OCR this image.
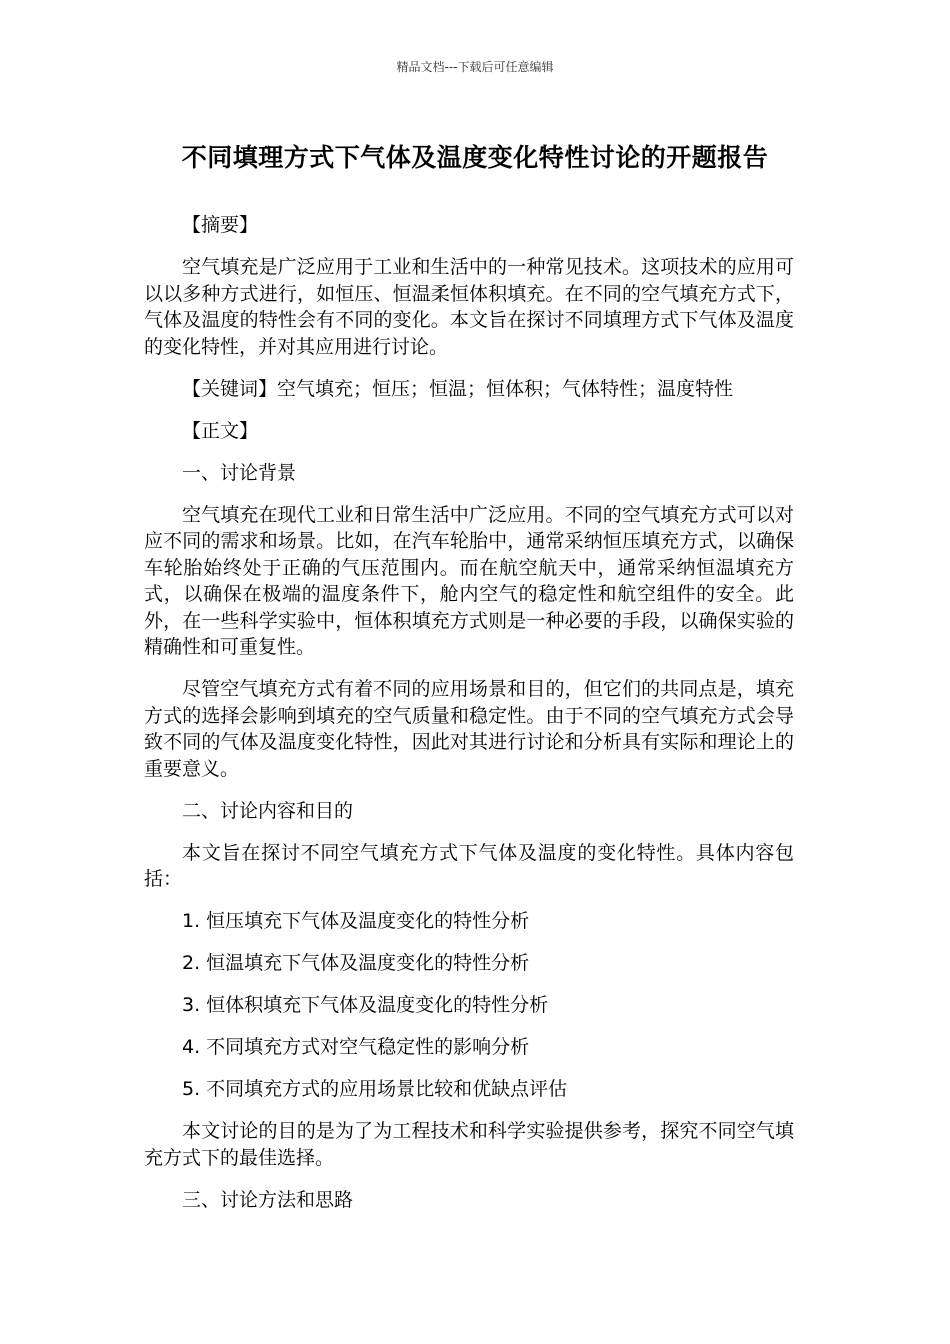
精品文档---下载后可任意编辑
不同填理方式下气体及温度变化特性讨论的开题报告

【摘要】

空气填充是广泛应用于工业和生活中的一种常见技术。这项技术的应用可以以多种方式进行，如恒压、恒温柔恒体积填充。在不同的空气填充方式下，气体及温度的特性会有不同的变化。本文旨在探讨不同填理方式下气体及温度的变化特性，并对其应用进行讨论。

【关键词】空气填充；恒压；恒温；恒体积；气体特性；温度特性

【正文】

一、讨论背景

空气填充在现代工业和日常生活中广泛应用。不同的空气填充方式可以对应不同的需求和场景。比如，在汽车轮胎中，通常采纳恒压填充方式，以确保车轮胎始终处于正确的气压范围内。而在航空航天中，通常采纳恒温填充方式，以确保在极端的温度条件下，舱内空气的稳定性和航空组件的安全。此外，在一些科学实验中，恒体积填充方式则是一种必要的手段，以确保实验的精确性和可重复性。

尽管空气填充方式有着不同的应用场景和目的，但它们的共同点是，填充方式的选择会影响到填充的空气质量和稳定性。由于不同的空气填充方式会导致不同的气体及温度变化特性，因此对其进行讨论和分析具有实际和理论上的重要意义。

二、讨论内容和目的

本文旨在探讨不同空气填充方式下气体及温度的变化特性。具体内容包括：

1. 恒压填充下气体及温度变化的特性分析

2. 恒温填充下气体及温度变化的特性分析

3. 恒体积填充下气体及温度变化的特性分析

4. 不同填充方式对空气稳定性的影响分析

5. 不同填充方式的应用场景比较和优缺点评估

本文讨论的目的是为了为工程技术和科学实验提供参考，探究不同空气填充方式下的最佳选择。

三、讨论方法和思路
